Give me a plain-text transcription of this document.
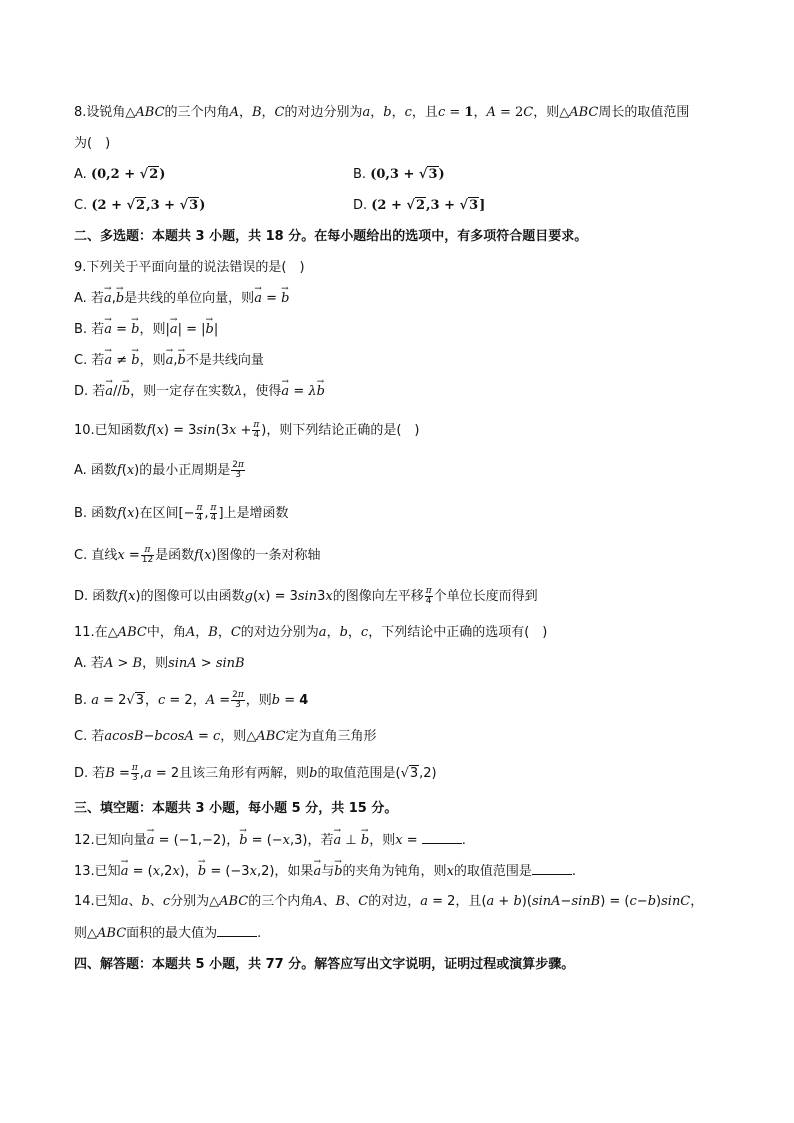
8.设锐角△ABC的三个内角A，B，C的对边分别为a，b，c，且c = 1，A = 2C，则△ABC周长的取值范围
为(　)
A. (0,2 + √2)	B. (0,3 + √3)
C. (2 + √2,3 + √3)	D. (2 + √2,3 + √3]
二、多选题：本题共 3 小题，共 18 分。在每小题给出的选项中，有多项符合题目要求。
9.下列关于平面向量的说法错误的是(　)
A. 若→ a,→ b是共线的单位向量，则→ a = → b
B. 若→ a = → b，则|→ a| = |→ b|
C. 若→ a ≠ → b，则→ a,→ b不是共线向量
D. 若→ a//→ b，则一定存在实数λ，使得→ a = λ→ b
10.已知函数$f(x) = 3\sin(3x + \frac{\pi}{4}$ )，则下列结论正确的是(　)
A. 函数f(x)的最小正周期是 $\frac{2\pi}{3}$
B. 函数f(x)在区间[− $\frac{\pi}{4}$ , $\frac{\pi}{4}$ ]上是增函数
C. 直线$x = \frac{\pi}{12}$ 是函数f(x)图像的一条对称轴
D. 函数f(x)的图像可以由函数g(x) = 3sin3x的图像向左平移 $\frac{\pi}{4}$ 个单位长度而得到
11.在△ABC中，角A，B，C的对边分别为a，b，c，下列结论中正确的选项有(　)
A. 若A > B，则sinA > sinB
B. a = 2√3，c = 2，$A = \frac{2\pi}{3}$ ，则b = 4
C. 若acosB−bcosA = c，则△ABC定为直角三角形
D. 若$B = \frac{\pi}{3} ,a = 2$且该三角形有两解，则b的取值范围是(√3,2)
三、填空题：本题共 3 小题，每小题 5 分，共 15 分。
12.已知向量→ a = (−1,−2)，→ b = (−x,3)，若→ a ⊥ → b，则x =	.
13.已知→ a = (x,2x)，→ b = (−3x,2)，如果→ a与→ b的夹角为钝角，则x的取值范围是	.
14.已知a、b、c分别为△ABC的三个内角A、B、C的对边，a = 2，且(a + b)(sinA−sinB) = (c−b)sinC，
则△ABC面积的最大值为	.
四、解答题：本题共 5 小题，共 77 分。解答应写出文字说明，证明过程或演算步骤。
